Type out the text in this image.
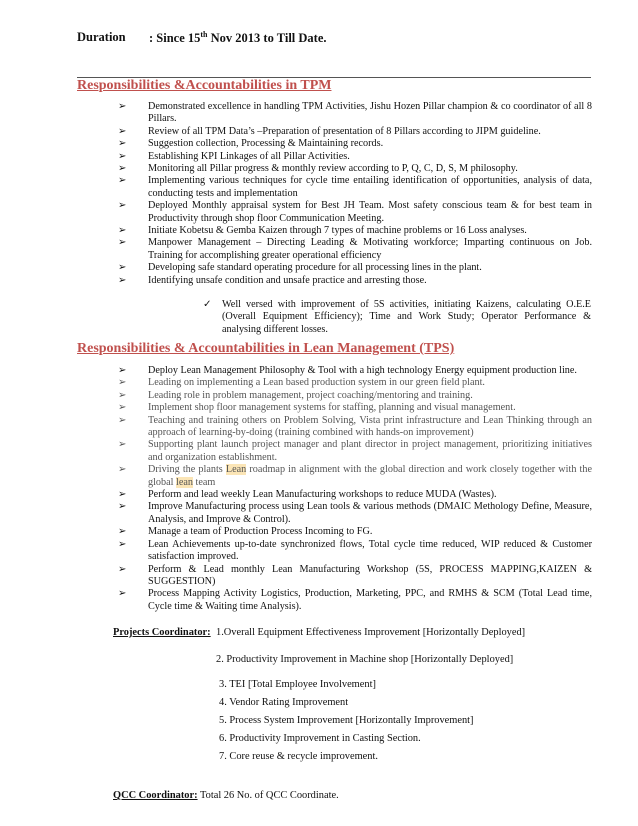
Duration : Since 15th Nov 2013 to Till Date.
Responsibilities &Accountabilities in TPM
➢ Demonstrated excellence in handling TPM Activities, Jishu Hozen Pillar champion & co coordinator of all 8 Pillars.
➢ Review of all TPM Data’s –Preparation of presentation of 8 Pillars according to JIPM guideline.
➢ Suggestion collection, Processing & Maintaining records.
➢ Establishing KPI Linkages of all Pillar Activities.
➢ Monitoring all Pillar progress & monthly review according to P, Q, C, D, S, M philosophy.
➢ Implementing various techniques for cycle time entailing identification of opportunities, analysis of data, conducting tests and implementation
➢ Deployed Monthly appraisal system for Best JH Team. Most safety conscious team & for best team in Productivity through shop floor Communication Meeting.
➢ Initiate Kobetsu & Gemba Kaizen through 7 types of machine problems or 16 Loss analyses.
➢ Manpower Management – Directing Leading & Motivating workforce; Imparting continuous on Job. Training for accomplishing greater operational efficiency
➢ Developing safe standard operating procedure for all processing lines in the plant.
➢ Identifying unsafe condition and unsafe practice and arresting those.
✓ Well versed with improvement of 5S activities, initiating Kaizens, calculating O.E.E (Overall Equipment Efficiency); Time and Work Study; Operator Performance & analysing different losses.
Responsibilities & Accountabilities in Lean Management (TPS)
➢ Deploy Lean Management Philosophy & Tool with a high technology Energy equipment production line.
➢ Leading on implementing a Lean based production system in our green field plant.
➢ Leading role in problem management, project coaching/mentoring and training.
➢ Implement shop floor management systems for staffing, planning and visual management.
➢ Teaching and training others on Problem Solving, Vista print infrastructure and Lean Thinking through an approach of learning-by-doing (training combined with hands-on improvement)
➢ Supporting plant launch project manager and plant director in project management, prioritizing initiatives and organization establishment.
➢ Driving the plants Lean roadmap in alignment with the global direction and work closely together with the global lean team
➢ Perform and lead weekly Lean Manufacturing workshops to reduce MUDA (Wastes).
➢ Improve Manufacturing process using Lean tools & various methods (DMAIC Methology Define, Measure, Analysis, and Improve & Control).
➢ Manage a team of Production Process Incoming to FG.
➢ Lean Achievements up-to-date synchronized flows, Total cycle time reduced, WIP reduced & Customer satisfaction improved.
➢ Perform & Lead monthly Lean Manufacturing Workshop (5S, PROCESS MAPPING,KAIZEN & SUGGESTION)
➢ Process Mapping Activity Logistics, Production, Marketing, PPC, and RMHS & SCM (Total Lead time, Cycle time & Waiting time Analysis).
Projects Coordinator: 1.Overall Equipment Effectiveness Improvement [Horizontally Deployed]
2. Productivity Improvement in Machine shop [Horizontally Deployed]
3. TEI [Total Employee Involvement]
4. Vendor Rating Improvement
5. Process System Improvement [Horizontally Improvement]
6. Productivity Improvement in Casting Section.
7. Core reuse & recycle improvement.
QCC Coordinator: Total 26 No. of QCC Coordinate.
